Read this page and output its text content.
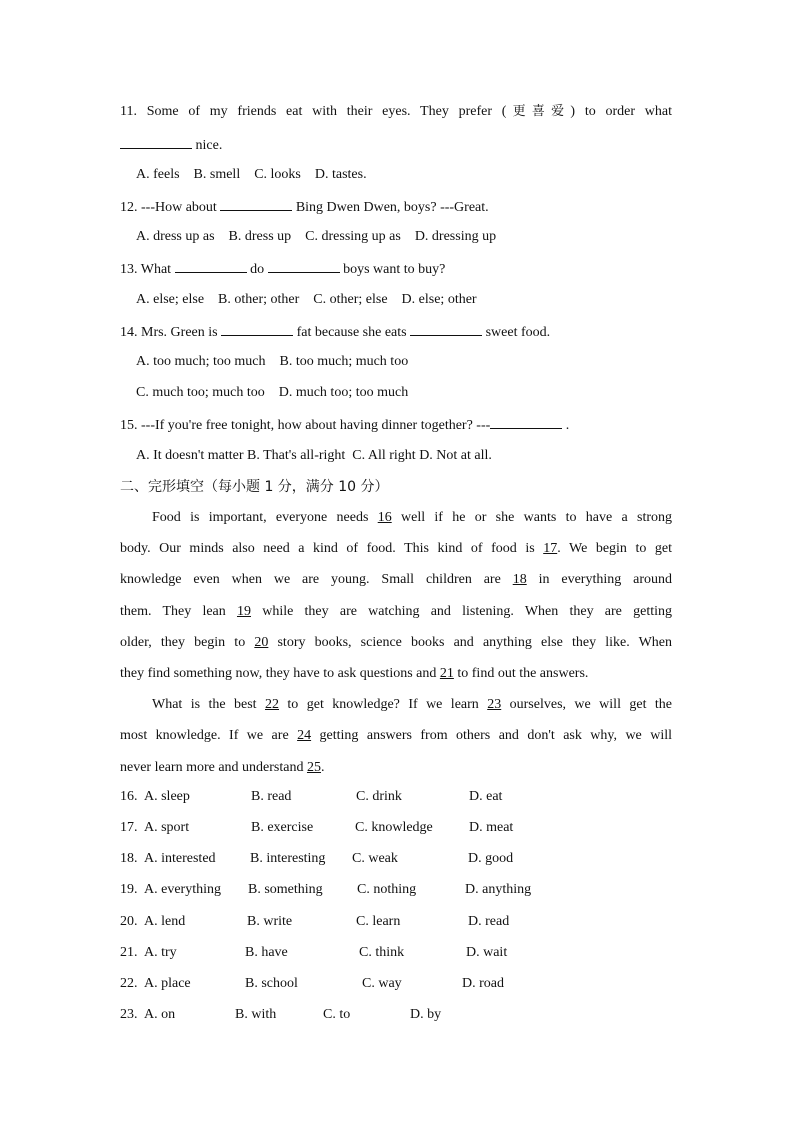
11. Some of my friends eat with their eyes. They prefer (更喜爱) to order what
nice.
A. feels    B. smell    C. looks    D. tastes.
12. ---How about	Bing Dwen Dwen, boys? ---Great.
A. dress up as    B. dress up    C. dressing up as    D. dressing up
13. What	do	boys want to buy?
A. else; else    B. other; other    C. other; else    D. else; other
14. Mrs. Green is	fat because she eats	sweet food.
A. too much; too much    B. too much; much too
C. much too; much too    D. much too; too much
15. ---If you're free tonight, how about having dinner together? ---	.
A. It doesn't matter B. That's all-right  C. All right D. Not at all.
二、完形填空（每小题 1 分，满分 10 分）
Food is important, everyone needs 16 well if he or she wants to have a strong
body. Our minds also need a kind of food. This kind of food is 17. We begin to get
knowledge even when we are young. Small children are 18 in everything around
them. They lean 19 while they are watching and listening. When they are getting
older, they begin to 20 story books, science books and anything else they like. When
they find something now, they have to ask questions and 21 to find out the answers.
What is the best 22 to get knowledge? If we learn 23 ourselves, we will get the
most knowledge. If we are 24 getting answers from others and don't ask why, we will
never learn more and understand 25.
16. A. sleep	B. read	C. drink	D. eat
17. A. sport	B. exercise	C. knowledge	D. meat
18. A. interested B. interesting C. weak	D. good
19. A. everything B. something C. nothing	D. anything
20. A. lend	B. write	C. learn	D. read
21. A. try	B. have	C. think	D. wait
22. A. place	B. school	C. way	D. road
23. A. on	B. with	C. to	D. by
